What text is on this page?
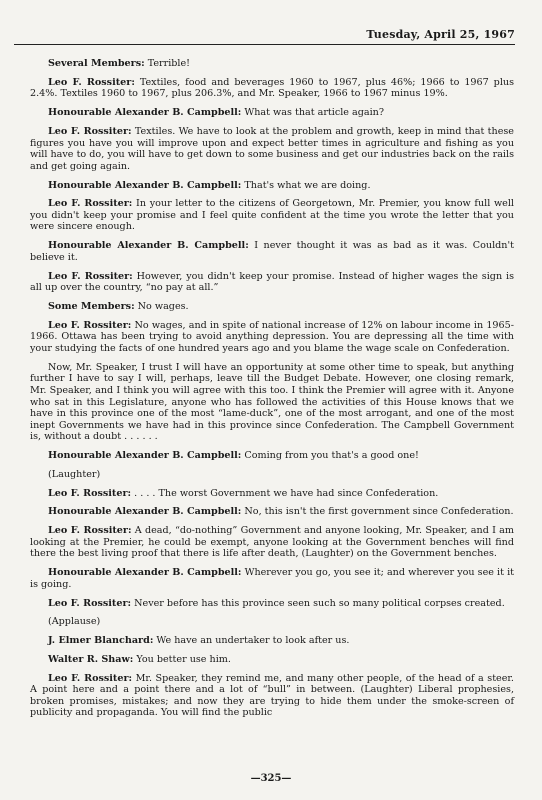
Tuesday, April 25, 1967

Several Members: Terrible!

Leo F. Rossiter: Textiles, food and beverages 1960 to 1967, plus 46%; 1966 to 1967 plus 2.4%. Textiles 1960 to 1967, plus 206.3%, and Mr. Speaker, 1966 to 1967 minus 19%.

Honourable Alexander B. Campbell: What was that article again?

Leo F. Rossiter: Textiles. We have to look at the problem and growth, keep in mind that these figures you have you will improve upon and expect better times in agriculture and fishing as you will have to do, you will have to get down to some business and get our industries back on the rails and get going again.

Honourable Alexander B. Campbell: That's what we are doing.

Leo F. Rossiter: In your letter to the citizens of Georgetown, Mr. Premier, you know full well you didn't keep your promise and I feel quite confident at the time you wrote the letter that you were sincere enough.

Honourable Alexander B. Campbell: I never thought it was as bad as it was. Couldn't believe it.

Leo F. Rossiter: However, you didn't keep your promise. Instead of higher wages the sign is all up over the country, “no pay at all.”

Some Members: No wages.

Leo F. Rossiter: No wages, and in spite of national increase of 12% on labour income in 1965-1966. Ottawa has been trying to avoid anything depression. You are depressing all the time with your studying the facts of one hundred years ago and you blame the wage scale on Confederation.

Now, Mr. Speaker, I trust I will have an opportunity at some other time to speak, but anything further I have to say I will, perhaps, leave till the Budget Debate. However, one closing remark, Mr. Speaker, and I think you will agree with this too. I think the Premier will agree with it. Anyone who sat in this Legislature, anyone who has followed the activities of this House knows that we have in this province one of the most “lame-duck”, one of the most arrogant, and one of the most inept Governments we have had in this province since Confederation. The Campbell Government is, without a doubt . . . . . .

Honourable Alexander B. Campbell: Coming from you that's a good one!

(Laughter)

Leo F. Rossiter: . . . . The worst Government we have had since Confederation.

Honourable Alexander B. Campbell: No, this isn't the first government since Confederation.

Leo F. Rossiter: A dead, “do-nothing” Government and anyone looking, Mr. Speaker, and I am looking at the Premier, he could be exempt, anyone looking at the Government benches will find there the best living proof that there is life after death, (Laughter) on the Government benches.

Honourable Alexander B. Campbell: Wherever you go, you see it; and wherever you see it it is going.

Leo F. Rossiter: Never before has this province seen such so many political corpses created.

(Applause)

J. Elmer Blanchard: We have an undertaker to look after us.

Walter R. Shaw: You better use him.

Leo F. Rossiter: Mr. Speaker, they remind me, and many other people, of the head of a steer. A point here and a point there and a lot of “bull” in between. (Laughter) Liberal prophesies, broken promises, mistakes; and now they are trying to hide them under the smoke-screen of publicity and propaganda. You will find the public

—325—
